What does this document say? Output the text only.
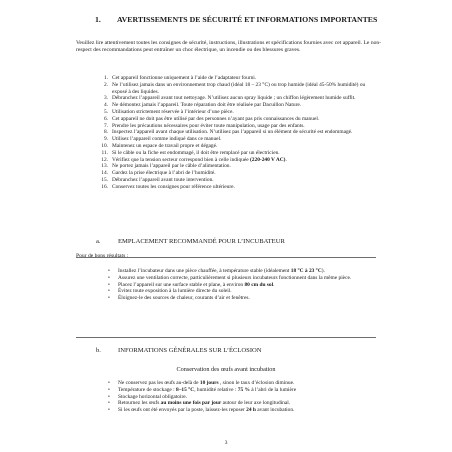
1. AVERTISSEMENTS DE SÉCURITÉ ET INFORMATIONS IMPORTANTES
Veuillez lire attentivement toutes les consignes de sécurité, instructions, illustrations et spécifications fournies avec cet appareil. Le non-respect des recommandations peut entraîner un choc électrique, un incendie ou des blessures graves.
1. Cet appareil fonctionne uniquement à l’aide de l’adaptateur fourni.
2. Ne l’utilisez jamais dans un environnement trop chaud (idéal 18 – 23 °C) ou trop humide (idéal 45-50% humidité) ou exposé à des liquides.
3. Débranchez l’appareil avant tout nettoyage. N’utilisez aucun spray liquide ; un chiffon légèrement humide suffit.
4. Ne démontez jamais l’appareil. Toute réparation doit être réalisée par Dacuillon Nature.
5. Utilisation strictement réservée à l’intérieur d’une pièce.
6. Cet appareil ne doit pas être utilisé par des personnes n’ayant pas pris connaissances du manuel.
7. Prendre les précautions nécessaires pour éviter toute manipulation, usage par des enfants.
8. Inspectez l’appareil avant chaque utilisation. N’utilisez pas l’appareil si un élément de sécurité est endommagé.
9. Utilisez l’appareil comme indiqué dans ce manuel.
10. Maintenez un espace de travail propre et dégagé.
11. Si le câble ou la fiche est endommagé, il doit être remplacé par un électricien.
12. Vérifiez que la tension secteur correspond bien à celle indiquée (220-240 V AC).
13. Ne portez jamais l’appareil par le câble d’alimentation.
14. Gardez la prise électrique à l’abri de l’humidité.
15. Débranchez l’appareil avant toute intervention.
16. Conservez toutes les consignes pour référence ultérieure.
a.	EMPLACEMENT RECOMMANDÉ POUR L’INCUBATEUR
Pour de bons résultats :
• Installez l’incubateur dans une pièce chauffée, à température stable (idéalement 18 °C à 23 °C).
• Assurez une ventilation correcte, particulièrement si plusieurs incubateurs fonctionnent dans la même pièce.
• Placez l’appareil sur une surface stable et plane, à environ 80 cm du sol.
• Évitez toute exposition à la lumière directe du soleil.
• Éloignez-le des sources de chaleur, courants d’air et fenêtres.
b.	INFORMATIONS GÉNÉRALES SUR L’ÉCLOSION
Conservation des œufs avant incubation
• Ne conservez pas les œufs au-delà de 10 jours , sinon le taux d’éclosion diminue.
• Température de stockage : 8–15 °C, humidité relative : 75 % à l’abri de la lumière
• Stockage horizontal obligatoire.
• Retournez les œufs au moins une fois par jour autour de leur axe longitudinal.
• Si les œufs ont été envoyés par la poste, laissez-les reposer 24 h avant incubation.
3
